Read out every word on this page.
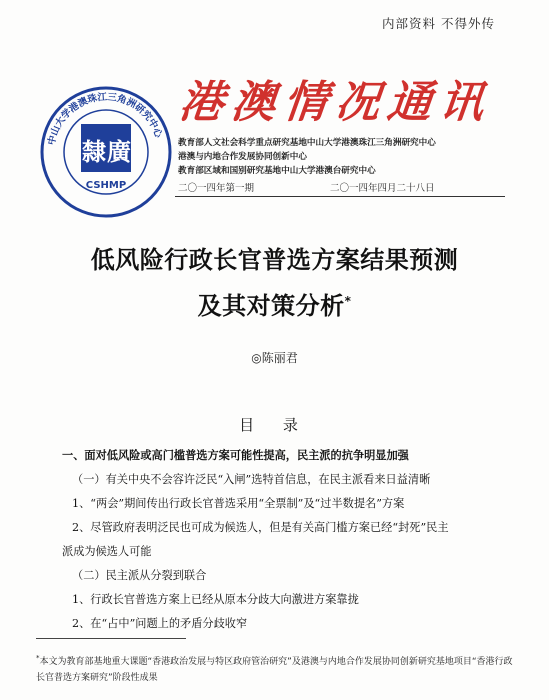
内部资料 不得外传
中山大学港澳珠江三角洲研究中心
隸 廣
CSHMP
港澳情况通讯
教育部人文社会科学重点研究基地中山大学港澳珠江三角洲研究中心
港澳与内地合作发展协同创新中心
教育部区域和国别研究基地中山大学港澳台研究中心
二〇一四年第一期	二〇一四年四月二十八日
低风险行政长官普选方案结果预测
及其对策分析*
◎陈丽君
目 录
一、面对低风险或高门槛普选方案可能性提高，民主派的抗争明显加强
（一）有关中央不会容许泛民“入闸”选特首信息，在民主派看来日益清晰
1、“两会”期间传出行政长官普选采用“全票制”及“过半数提名”方案
2、尽管政府表明泛民也可成为候选人，但是有关高门槛方案已经“封死”民主
派成为候选人可能
（二）民主派从分裂到联合
1、行政长官普选方案上已经从原本分歧大向激进方案靠拢
2、在“占中”问题上的矛盾分歧收窄
*本文为教育部基地重大课题“香港政治发展与特区政府管治研究”及港澳与内地合作发展协同创新研究基地项目“香港行政长官普选方案研究”阶段性成果
